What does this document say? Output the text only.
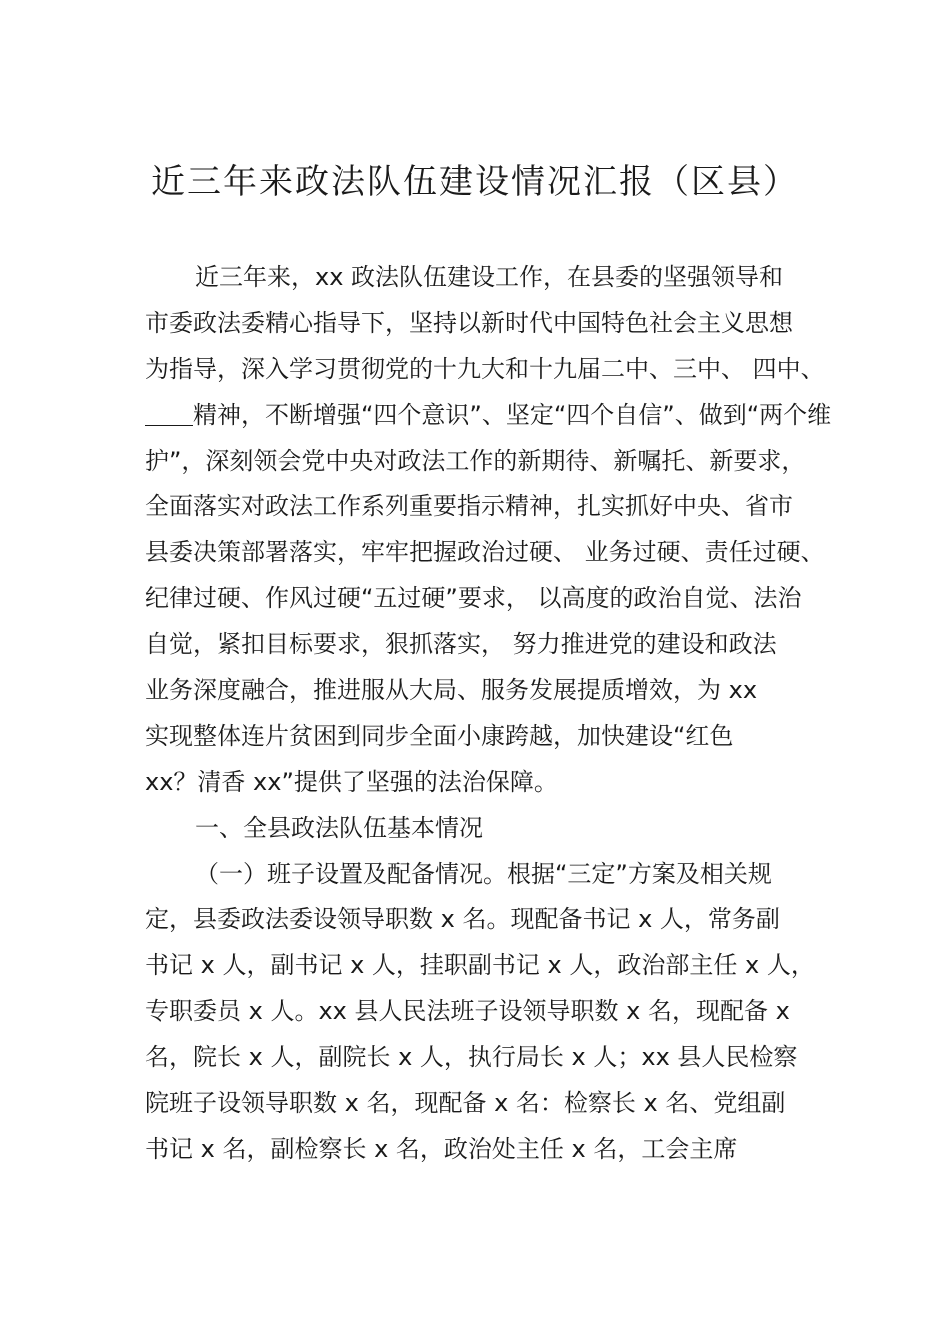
近三年来政法队伍建设情况汇报（区县）
近三年来，xx 政法队伍建设工作，在县委的坚强领导和
市委政法委精心指导下，坚持以新时代中国特色社会主义思想
为指导，深入学习贯彻党的十九大和十九届二中、三中、 四中、
＿＿精神，不断增强“四个意识”、坚定“四个自信”、做到“两个维
护”，深刻领会党中央对政法工作的新期待、新嘱托、新要求，
全面落实对政法工作系列重要指示精神，扎实抓好中央、省市
县委决策部署落实，牢牢把握政治过硬、 业务过硬、责任过硬、
纪律过硬、作风过硬“五过硬”要求， 以高度的政治自觉、法治
自觉，紧扣目标要求，狠抓落实， 努力推进党的建设和政法
业务深度融合，推进服从大局、服务发展提质增效，为 xx
实现整体连片贫困到同步全面小康跨越，加快建设“红色
xx？清香 xx”提供了坚强的法治保障。
一、全县政法队伍基本情况
（一）班子设置及配备情况。根据“三定”方案及相关规
定，县委政法委设领导职数 x 名。现配备书记 x 人，常务副
书记 x 人，副书记 x 人，挂职副书记 x 人，政治部主任 x 人，
专职委员 x 人。xx 县人民法班子设领导职数 x 名，现配备 x
名，院长 x 人，副院长 x 人，执行局长 x 人；xx 县人民检察
院班子设领导职数 x 名，现配备 x 名：检察长 x 名、党组副
书记 x 名，副检察长 x 名，政治处主任 x 名，工会主席
